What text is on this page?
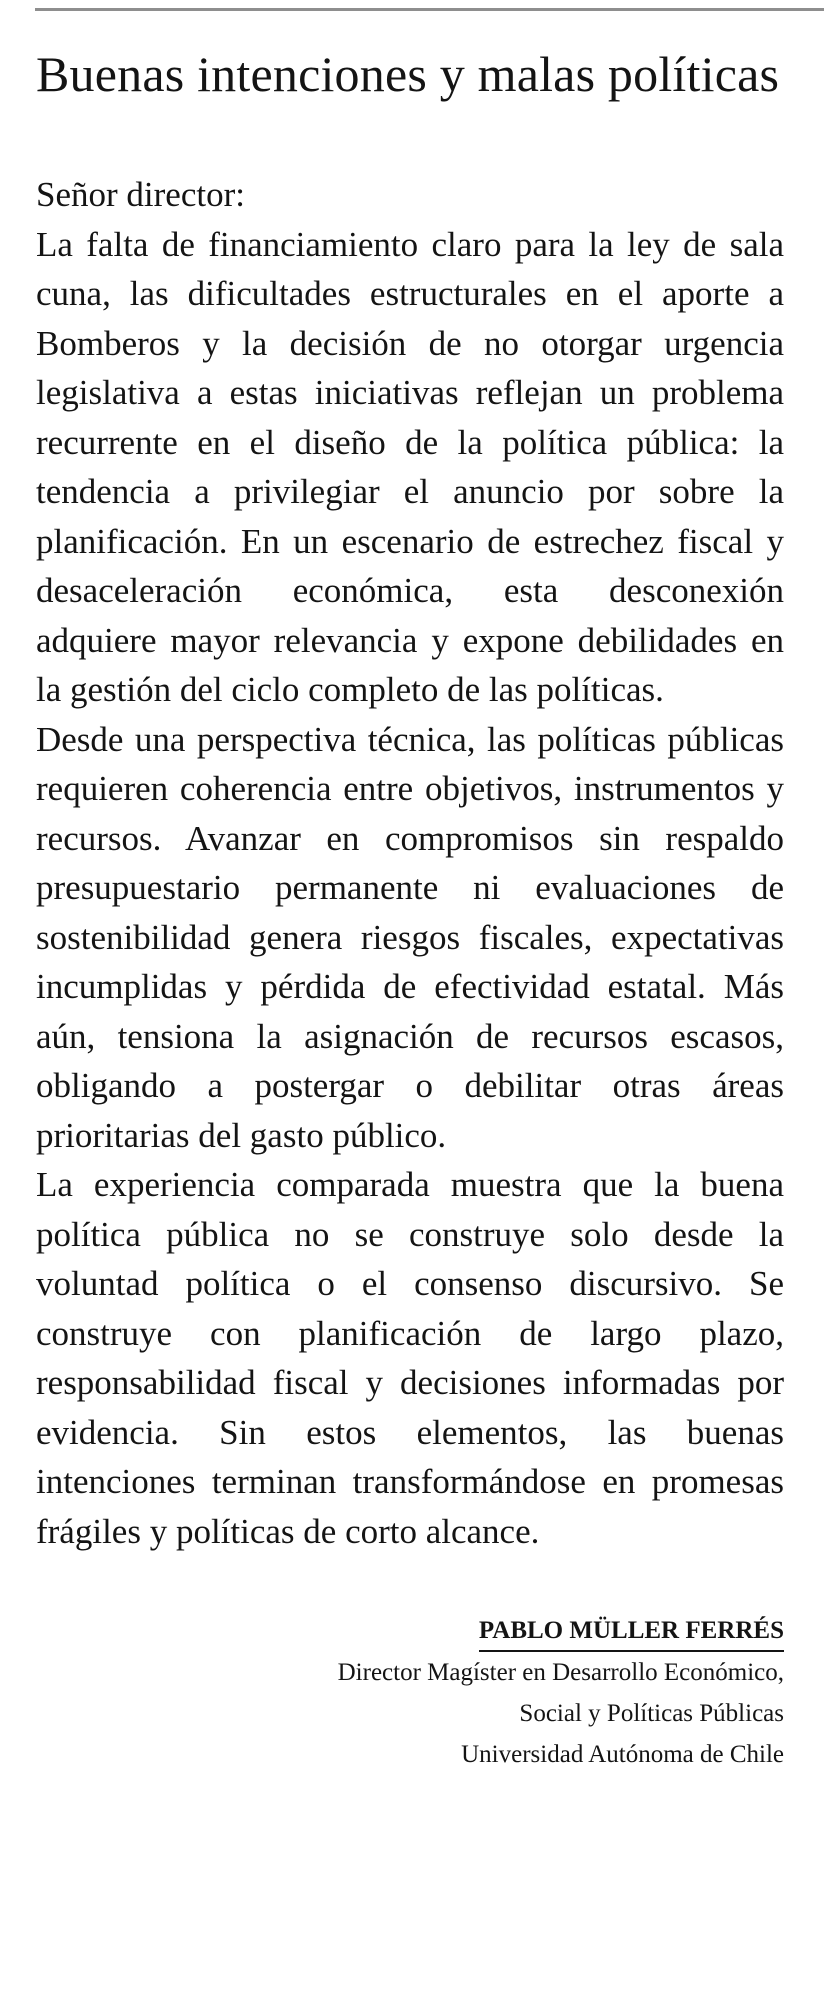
Buenas intenciones y malas políticas

Señor director:

La falta de financiamiento claro para la ley de sala cuna, las dificultades estructurales en el aporte a Bomberos y la decisión de no otorgar urgencia legislativa a estas iniciativas reflejan un problema recurrente en el diseño de la política pública: la tendencia a privilegiar el anuncio por sobre la planificación. En un escenario de estrechez fiscal y desaceleración económica, esta desconexión adquiere mayor relevancia y expone debilidades en la gestión del ciclo completo de las políticas.

Desde una perspectiva técnica, las políticas públicas requieren coherencia entre objetivos, instrumentos y recursos. Avanzar en compromisos sin respaldo presupuestario permanente ni evaluaciones de sostenibilidad genera riesgos fiscales, expectativas incumplidas y pérdida de efectividad estatal. Más aún, tensiona la asignación de recursos escasos, obligando a postergar o debilitar otras áreas prioritarias del gasto público.

La experiencia comparada muestra que la buena política pública no se construye solo desde la voluntad política o el consenso discursivo. Se construye con planificación de largo plazo, responsabilidad fiscal y decisiones informadas por evidencia. Sin estos elementos, las buenas intenciones terminan transformándose en promesas frágiles y políticas de corto alcance.

PABLO MÜLLER FERRÉS
Director Magíster en Desarrollo Económico,
Social y Políticas Públicas
Universidad Autónoma de Chile
